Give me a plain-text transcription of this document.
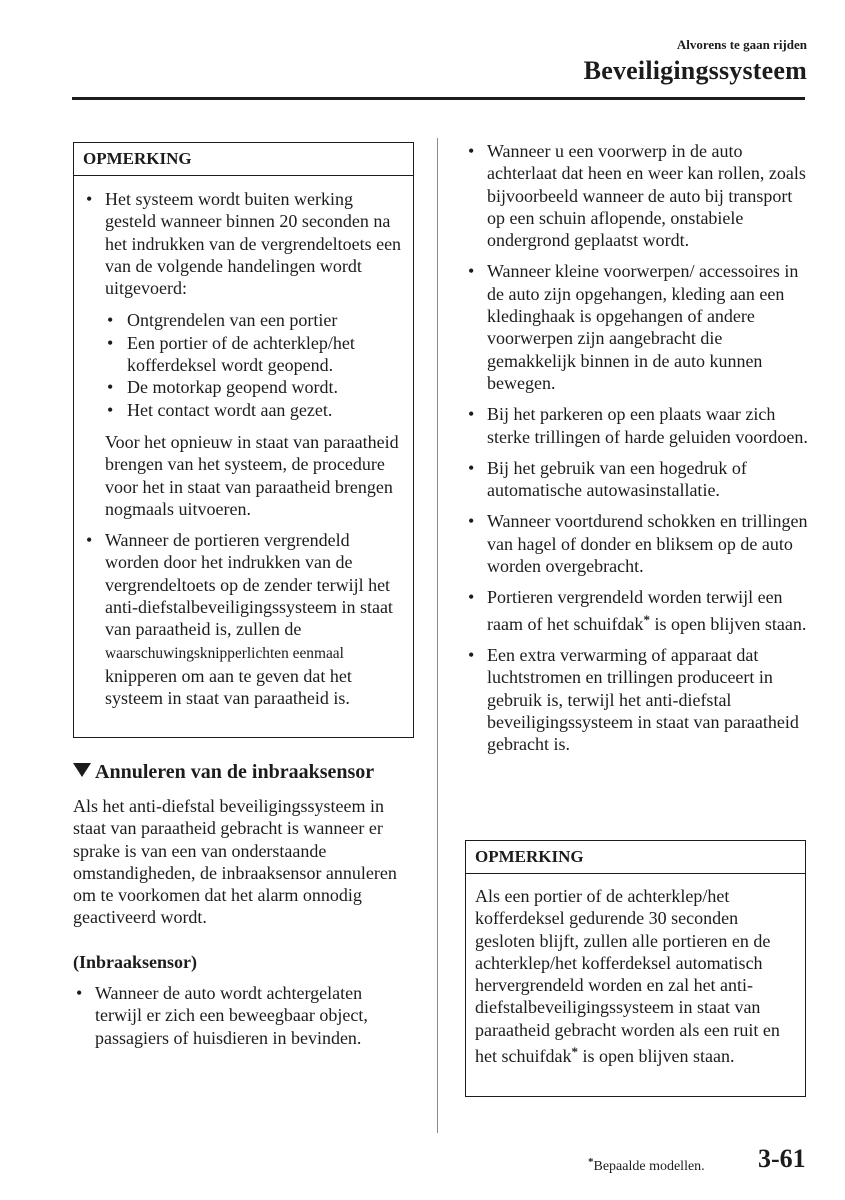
Alvorens te gaan rijden
Beveiligingssysteem
OPMERKING
• Het systeem wordt buiten werking gesteld wanneer binnen 20 seconden na het indrukken van de vergrendeltoets een van de volgende handelingen wordt uitgevoerd:
• Ontgrendelen van een portier
• Een portier of de achterklep/het kofferdeksel wordt geopend.
• De motorkap geopend wordt.
• Het contact wordt aan gezet.
Voor het opnieuw in staat van paraatheid brengen van het systeem, de procedure voor het in staat van paraatheid brengen nogmaals uitvoeren.
• Wanneer de portieren vergrendeld worden door het indrukken van de vergrendeltoets op de zender terwijl het anti-diefstalbeveiligingssysteem in staat van paraatheid is, zullen de waarschuwingsknipperlichten eenmaal knipperen om aan te geven dat het systeem in staat van paraatheid is.
Annuleren van de inbraaksensor
Als het anti-diefstal beveiligingssysteem in staat van paraatheid gebracht is wanneer er sprake is van een van onderstaande omstandigheden, de inbraaksensor annuleren om te voorkomen dat het alarm onnodig geactiveerd wordt.
(Inbraaksensor)
• Wanneer de auto wordt achtergelaten terwijl er zich een beweegbaar object, passagiers of huisdieren in bevinden.
• Wanneer u een voorwerp in de auto achterlaat dat heen en weer kan rollen, zoals bijvoorbeeld wanneer de auto bij transport op een schuin aflopende, onstabiele ondergrond geplaatst wordt.
• Wanneer kleine voorwerpen/ accessoires in de auto zijn opgehangen, kleding aan een kledinghaak is opgehangen of andere voorwerpen zijn aangebracht die gemakkelijk binnen in de auto kunnen bewegen.
• Bij het parkeren op een plaats waar zich sterke trillingen of harde geluiden voordoen.
• Bij het gebruik van een hogedruk of automatische autowasinstallatie.
• Wanneer voortdurend schokken en trillingen van hagel of donder en bliksem op de auto worden overgebracht.
• Portieren vergrendeld worden terwijl een raam of het schuifdak* is open blijven staan.
• Een extra verwarming of apparaat dat luchtstromen en trillingen produceert in gebruik is, terwijl het anti-diefstal beveiligingssysteem in staat van paraatheid gebracht is.
OPMERKING
Als een portier of de achterklep/het kofferdeksel gedurende 30 seconden gesloten blijft, zullen alle portieren en de achterklep/het kofferdeksel automatisch hervergrendeld worden en zal het anti-diefstalbeveiligingssysteem in staat van paraatheid gebracht worden als een ruit en het schuifdak* is open blijven staan.
*Bepaalde modellen. 3-61
